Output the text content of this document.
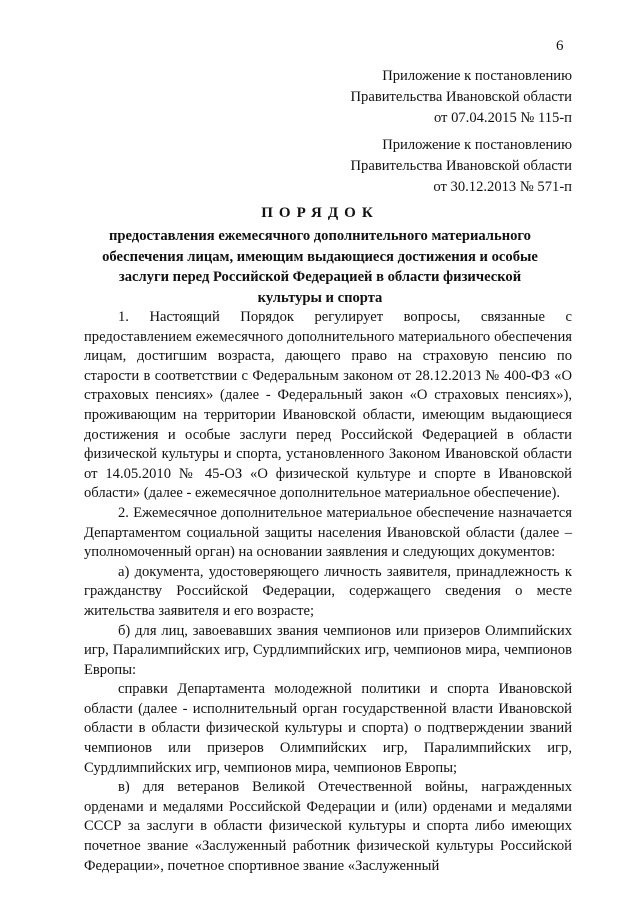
6
Приложение к постановлению
Правительства Ивановской области
от 07.04.2015 № 115-п
Приложение к постановлению
Правительства Ивановской области
от 30.12.2013 № 571-п
ПОРЯДОК
предоставления ежемесячного дополнительного материального обеспечения лицам, имеющим выдающиеся достижения и особые заслуги перед Российской Федерацией в области физической культуры и спорта

1. Настоящий Порядок регулирует вопросы, связанные с предоставлением ежемесячного дополнительного материального обеспечения лицам, достигшим возраста, дающего право на страховую пенсию по старости в соответствии с Федеральным законом от 28.12.2013 № 400-ФЗ «О страховых пенсиях» (далее - Федеральный закон «О страховых пенсиях»), проживающим на территории Ивановской области, имеющим выдающиеся достижения и особые заслуги перед Российской Федерацией в области физической культуры и спорта, установленного Законом Ивановской области от 14.05.2010 № 45-ОЗ «О физической культуре и спорте в Ивановской области» (далее - ежемесячное дополнительное материальное обеспечение).

2. Ежемесячное дополнительное материальное обеспечение назначается Департаментом социальной защиты населения Ивановской области (далее – уполномоченный орган) на основании заявления и следующих документов:

а) документа, удостоверяющего личность заявителя, принадлежность к гражданству Российской Федерации, содержащего сведения о месте жительства заявителя и его возрасте;

б) для лиц, завоевавших звания чемпионов или призеров Олимпийских игр, Паралимпийских игр, Сурдлимпийских игр, чемпионов мира, чемпионов Европы:

справки Департамента молодежной политики и спорта Ивановской области (далее - исполнительный орган государственной власти Ивановской области в области физической культуры и спорта) о подтверждении званий чемпионов или призеров Олимпийских игр, Паралимпийских игр, Сурдлимпийских игр, чемпионов мира, чемпионов Европы;

в) для ветеранов Великой Отечественной войны, награжденных орденами и медалями Российской Федерации и (или) орденами и медалями СССР за заслуги в области физической культуры и спорта либо имеющих почетное звание «Заслуженный работник физической культуры Российской Федерации», почетное спортивное звание «Заслуженный
